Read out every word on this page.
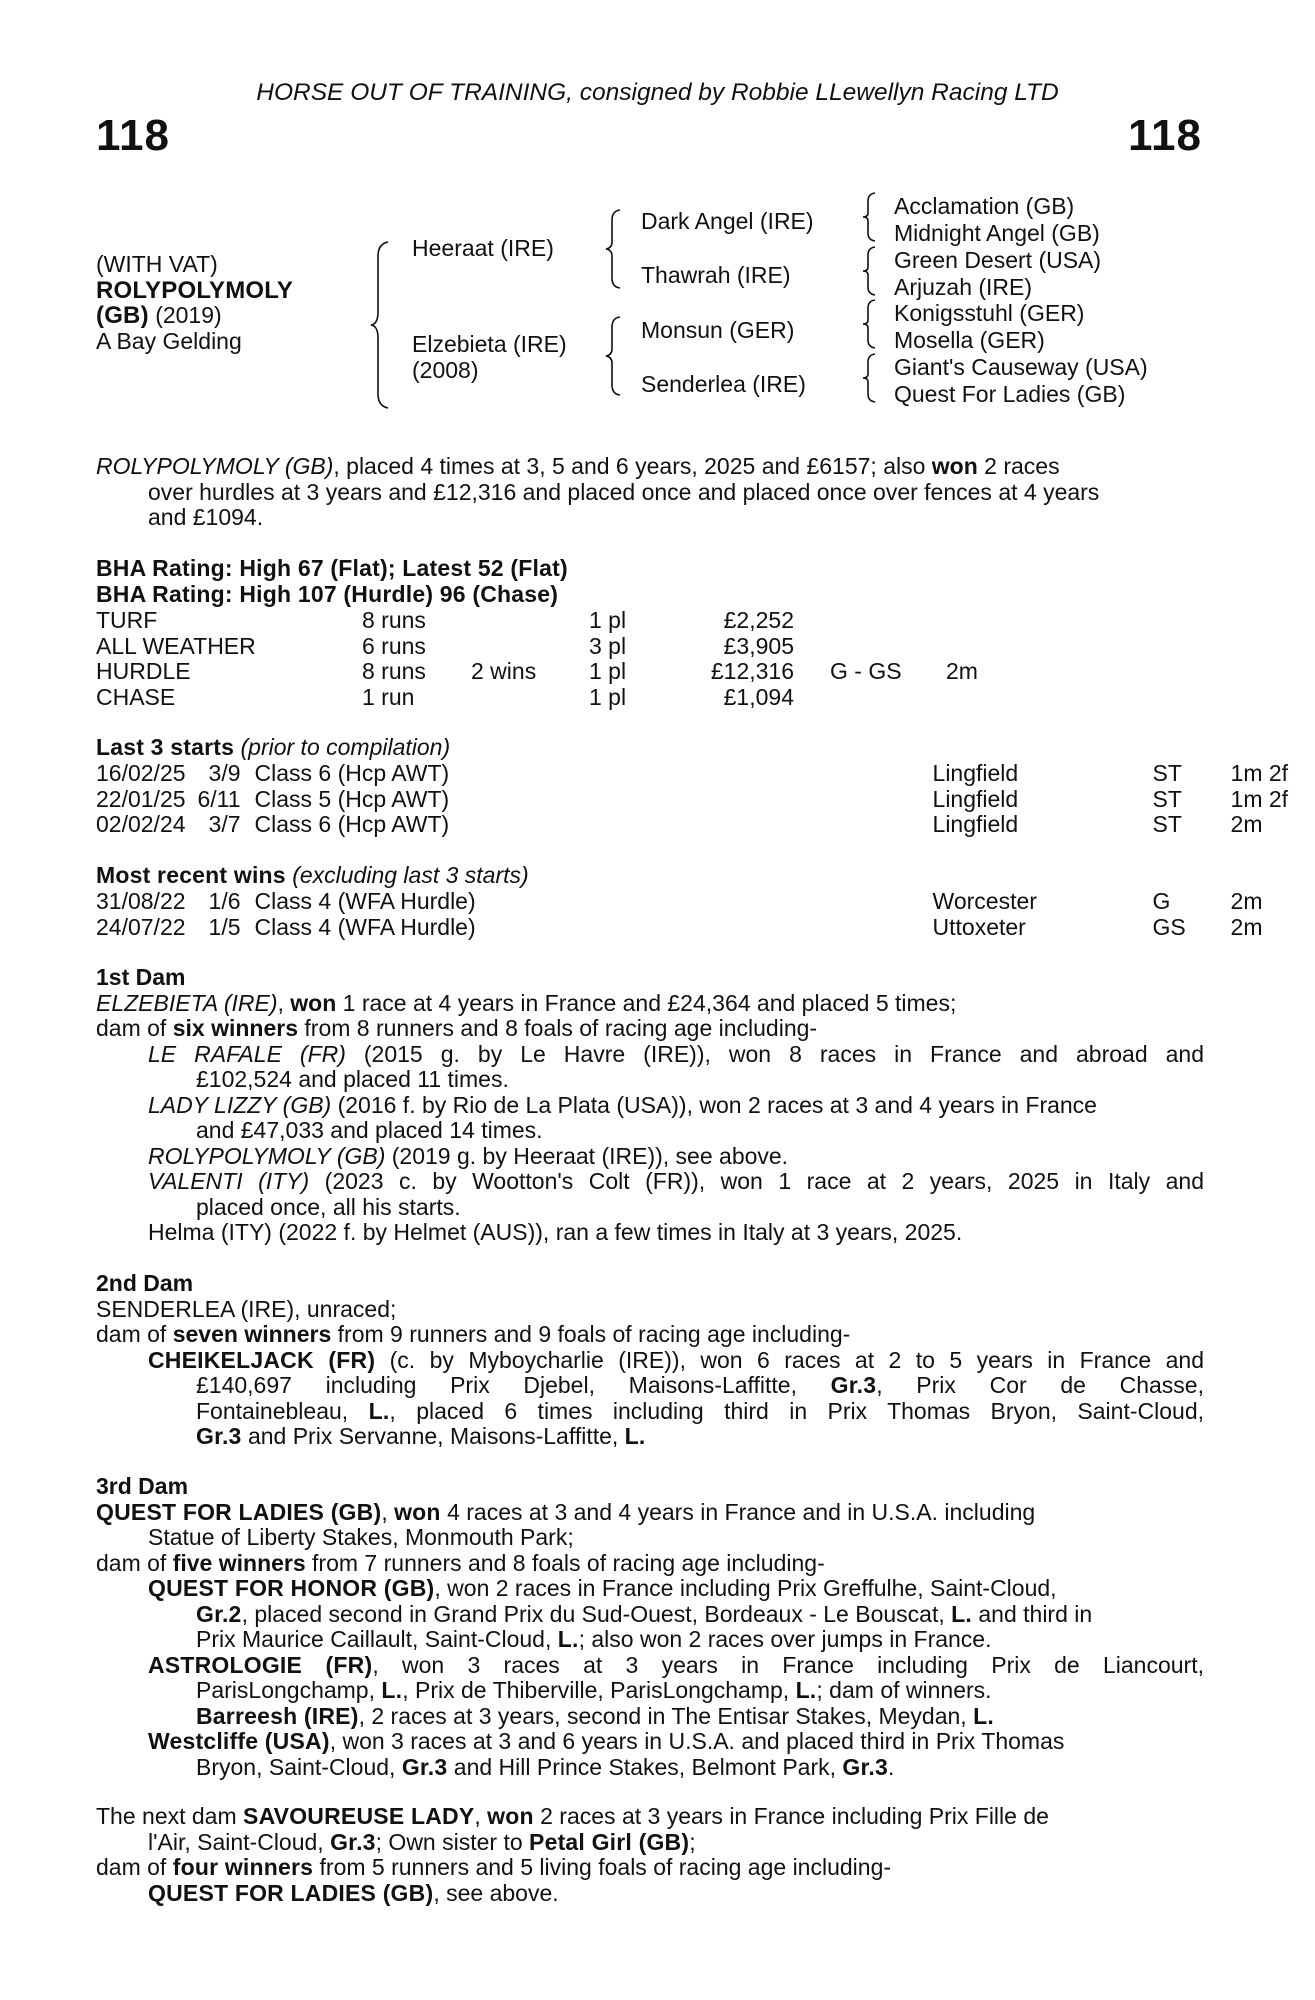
HORSE OUT OF TRAINING, consigned by Robbie LLewellyn Racing LTD
118	118
(WITH VAT)
ROLYPOLYMOLY
(GB) (2019)
A Bay Gelding
Heeraat (IRE)
Elzebieta (IRE)
(2008)
Dark Angel (IRE)
Thawrah (IRE)
Monsun (GER)
Senderlea (IRE)
Acclamation (GB)
Midnight Angel (GB)
Green Desert (USA)
Arjuzah (IRE)
Konigsstuhl (GER)
Mosella (GER)
Giant's Causeway (USA)
Quest For Ladies (GB)
ROLYPOLYMOLY (GB), placed 4 times at 3, 5 and 6 years, 2025 and £6157; also won 2 races
over hurdles at 3 years and £12,316 and placed once and placed once over fences at 4 years
and £1094.
BHA Rating: High 67 (Flat); Latest 52 (Flat)
BHA Rating: High 107 (Hurdle) 96 (Chase)
TURF	8 runs		1 pl	£2,252		
ALL WEATHER	6 runs		3 pl	£3,905		
HURDLE	8 runs	2 wins	1 pl	£12,316	G - GS	2m
CHASE	1 run		1 pl	£1,094		
Last 3 starts (prior to compilation)
16/02/25	3/9	Class 6 (Hcp AWT)	Lingfield	ST	1m 2f
22/01/25	6/11	Class 5 (Hcp AWT)	Lingfield	ST	1m 2f
02/02/24	3/7	Class 6 (Hcp AWT)	Lingfield	ST	2m
Most recent wins (excluding last 3 starts)
31/08/22	1/6	Class 4 (WFA Hurdle)	Worcester	G	2m
24/07/22	1/5	Class 4 (WFA Hurdle)	Uttoxeter	GS	2m
1st Dam
ELZEBIETA (IRE), won 1 race at 4 years in France and £24,364 and placed 5 times;
dam of six winners from 8 runners and 8 foals of racing age including-
LE RAFALE (FR) (2015 g. by Le Havre (IRE)), won 8 races in France and abroad and
£102,524 and placed 11 times.
LADY LIZZY (GB) (2016 f. by Rio de La Plata (USA)), won 2 races at 3 and 4 years in France
and £47,033 and placed 14 times.
ROLYPOLYMOLY (GB) (2019 g. by Heeraat (IRE)), see above.
VALENTI (ITY) (2023 c. by Wootton's Colt (FR)), won 1 race at 2 years, 2025 in Italy and
placed once, all his starts.
Helma (ITY) (2022 f. by Helmet (AUS)), ran a few times in Italy at 3 years, 2025.
2nd Dam
SENDERLEA (IRE), unraced;
dam of seven winners from 9 runners and 9 foals of racing age including-
CHEIKELJACK (FR) (c. by Myboycharlie (IRE)), won 6 races at 2 to 5 years in France and
£140,697 including Prix Djebel, Maisons-Laffitte, Gr.3, Prix Cor de Chasse,
Fontainebleau, L., placed 6 times including third in Prix Thomas Bryon, Saint-Cloud,
Gr.3 and Prix Servanne, Maisons-Laffitte, L.
3rd Dam
QUEST FOR LADIES (GB), won 4 races at 3 and 4 years in France and in U.S.A. including
Statue of Liberty Stakes, Monmouth Park;
dam of five winners from 7 runners and 8 foals of racing age including-
QUEST FOR HONOR (GB), won 2 races in France including Prix Greffulhe, Saint-Cloud,
Gr.2, placed second in Grand Prix du Sud-Ouest, Bordeaux - Le Bouscat, L. and third in
Prix Maurice Caillault, Saint-Cloud, L.; also won 2 races over jumps in France.
ASTROLOGIE (FR), won 3 races at 3 years in France including Prix de Liancourt,
ParisLongchamp, L., Prix de Thiberville, ParisLongchamp, L.; dam of winners.
Barreesh (IRE), 2 races at 3 years, second in The Entisar Stakes, Meydan, L.
Westcliffe (USA), won 3 races at 3 and 6 years in U.S.A. and placed third in Prix Thomas
Bryon, Saint-Cloud, Gr.3 and Hill Prince Stakes, Belmont Park, Gr.3.
The next dam SAVOUREUSE LADY, won 2 races at 3 years in France including Prix Fille de
l'Air, Saint-Cloud, Gr.3; Own sister to Petal Girl (GB);
dam of four winners from 5 runners and 5 living foals of racing age including-
QUEST FOR LADIES (GB), see above.
